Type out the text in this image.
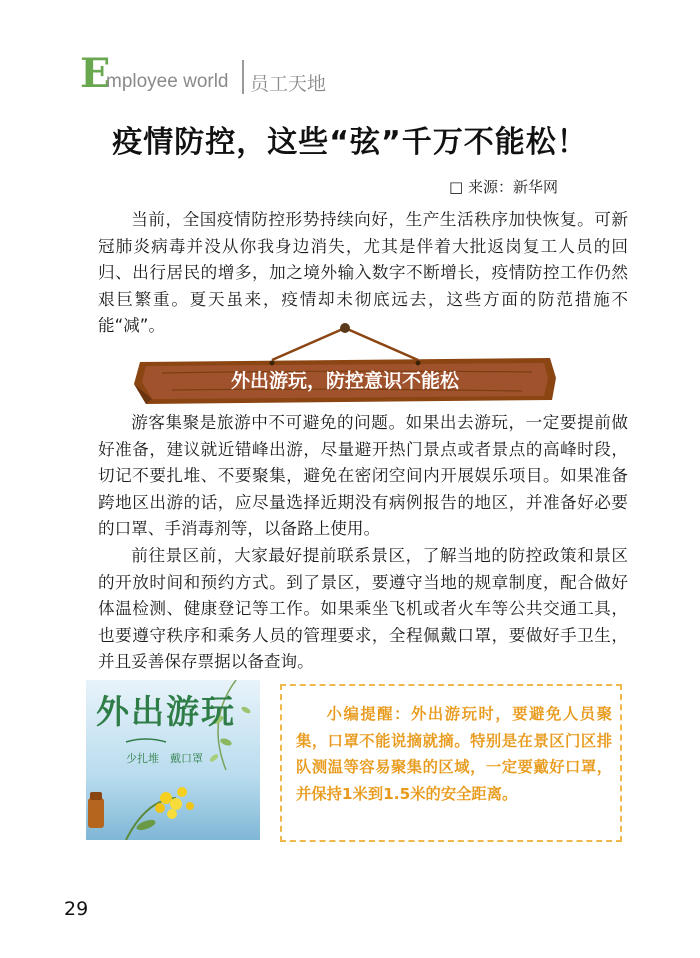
E
mployee world 员工天地
疫情防控，这些“弦”千万不能松！
□ 来源：新华网

当前，全国疫情防控形势持续向好，生产生活秩序加快恢复。可新冠肺炎病毒并没从你我身边消失，尤其是伴着大批返岗复工人员的回归、出行居民的增多，加之境外输入数字不断增长，疫情防控工作仍然艰巨繁重。夏天虽来，疫情却未彻底远去，这些方面的防范措施不能“减”。

外出游玩，防控意识不能松

游客集聚是旅游中不可避免的问题。如果出去游玩，一定要提前做好准备，建议就近错峰出游，尽量避开热门景点或者景点的高峰时段，切记不要扎堆、不要聚集，避免在密闭空间内开展娱乐项目。如果准备跨地区出游的话，应尽量选择近期没有病例报告的地区，并准备好必要的口罩、手消毒剂等，以备路上使用。

前往景区前，大家最好提前联系景区，了解当地的防控政策和景区的开放时间和预约方式。到了景区，要遵守当地的规章制度，配合做好体温检测、健康登记等工作。如果乘坐飞机或者火车等公共交通工具，也要遵守秩序和乘务人员的管理要求，全程佩戴口罩，要做好手卫生，并且妥善保存票据以备查询。

外出游玩
少扎堆　戴口罩

小编提醒：外出游玩时，要避免人员聚集，口罩不能说摘就摘。特别是在景区门区排队测温等容易聚集的区域，一定要戴好口罩，并保持1米到1.5米的安全距离。

29
